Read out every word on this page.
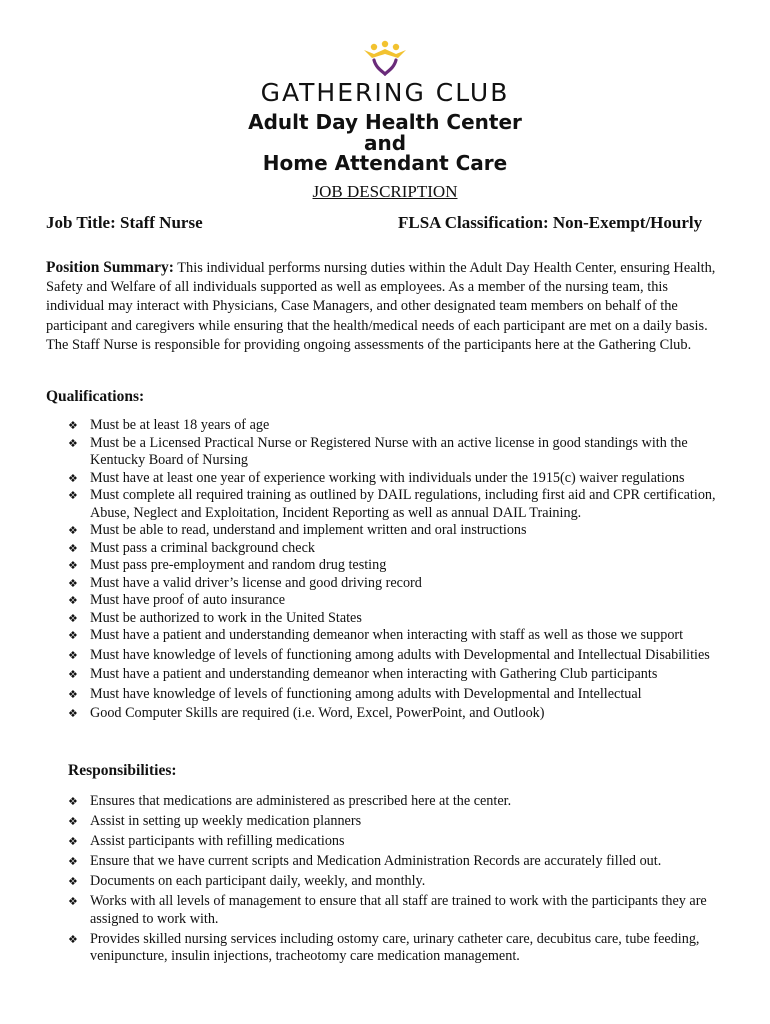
GATHERING CLUB
Adult Day Health Center
and
Home Attendant Care
JOB DESCRIPTION
Job Title: Staff Nurse	FLSA Classification: Non-Exempt/Hourly
Position Summary: This individual performs nursing duties within the Adult Day Health Center, ensuring Health, Safety and Welfare of all individuals supported as well as employees. As a member of the nursing team, this individual may interact with Physicians, Case Managers, and other designated team members on behalf of the participant and caregivers while ensuring that the health/medical needs of each participant are met on a daily basis. The Staff Nurse is responsible for providing ongoing assessments of the participants here at the Gathering Club.
Qualifications:
❖ Must be at least 18 years of age
❖ Must be a Licensed Practical Nurse or Registered Nurse with an active license in good standings with the Kentucky Board of Nursing
❖ Must have at least one year of experience working with individuals under the 1915(c) waiver regulations
❖ Must complete all required training as outlined by DAIL regulations, including first aid and CPR certification, Abuse, Neglect and Exploitation, Incident Reporting as well as annual DAIL Training.
❖ Must be able to read, understand and implement written and oral instructions
❖ Must pass a criminal background check
❖ Must pass pre-employment and random drug testing
❖ Must have a valid driver’s license and good driving record
❖ Must have proof of auto insurance
❖ Must be authorized to work in the United States
❖ Must have a patient and understanding demeanor when interacting with staff as well as those we support
❖ Must have knowledge of levels of functioning among adults with Developmental and Intellectual Disabilities
❖ Must have a patient and understanding demeanor when interacting with Gathering Club participants
❖ Must have knowledge of levels of functioning among adults with Developmental and Intellectual
❖ Good Computer Skills are required (i.e. Word, Excel, PowerPoint, and Outlook)
Responsibilities:
❖ Ensures that medications are administered as prescribed here at the center.
❖ Assist in setting up weekly medication planners
❖ Assist participants with refilling medications
❖ Ensure that we have current scripts and Medication Administration Records are accurately filled out.
❖ Documents on each participant daily, weekly, and monthly.
❖ Works with all levels of management to ensure that all staff are trained to work with the participants they are assigned to work with.
❖ Provides skilled nursing services including ostomy care, urinary catheter care, decubitus care, tube feeding, venipuncture, insulin injections, tracheotomy care medication management.
